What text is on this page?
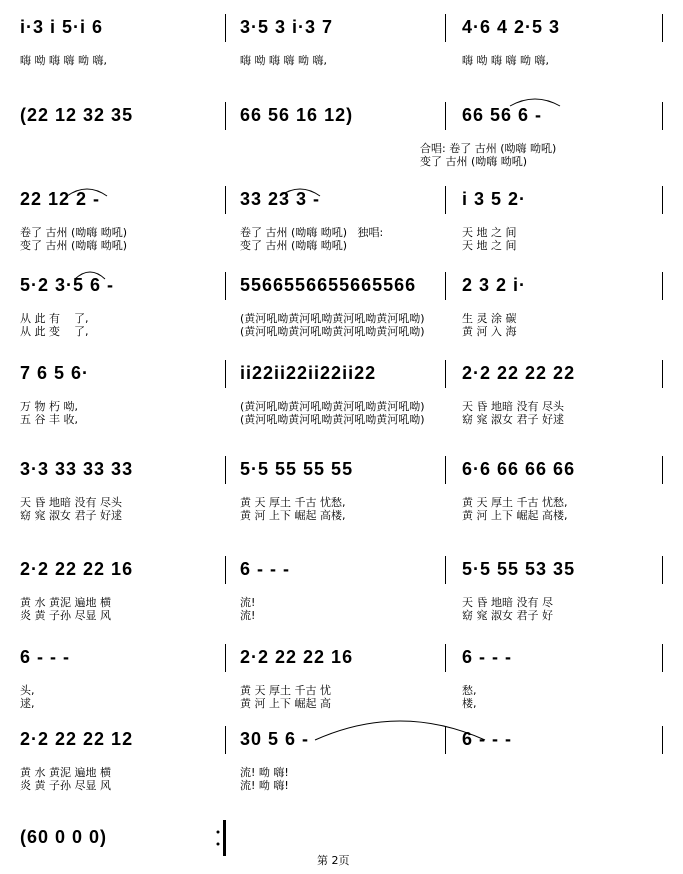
i·3 i 5·i 6	3·5 3 i·3 7	4·6 4 2·5 3
嗨 呦 嗨 嗨 呦 嗨,	嗨 呦 嗨 嗨 呦 嗨,	嗨 呦 嗨 嗨 呦 嗨,
(22 12 32 35	66 56 16 12)	66 56 6 -
合唱: 卷了 古州 (呦嗨 呦吼)
变了 古州 (呦嗨 呦吼)
22 12 2 -	33 23 3 -	i 3 5 2·
卷了 古州 (呦嗨 呦吼)	卷了 古州 (呦嗨 呦吼)   独唱:	天 地 之 间
变了 古州 (呦嗨 呦吼)	变了 古州 (呦嗨 呦吼)	天 地 之 间
5·2 3·5 6 -	5566556655665566	2 3 2 i·
从 此 有    了,	(黄河吼呦黄河吼呦黄河吼呦黄河吼呦)	生 灵 涂 碳
从 此 变    了,	(黄河吼呦黄河吼呦黄河吼呦黄河吼呦)	黄 河 入 海
7 6 5 6·	ii22ii22ii22ii22	2·2 22 22 22
万 物 朽 呦,	(黄河吼呦黄河吼呦黄河吼呦黄河吼呦)	天 昏 地暗 没有 尽头
五 谷 丰 收,	(黄河吼呦黄河吼呦黄河吼呦黄河吼呦)	窈 窕 淑女 君子 好逑
3·3 33 33 33	5·5 55 55 55	6·6 66 66 66
天 昏 地暗 没有 尽头	黄 天 厚土 千古 忧愁,	黄 天 厚土 千古 忧愁,
窈 窕 淑女 君子 好逑	黄 河 上下 崛起 高楼,	黄 河 上下 崛起 高楼,
2·2 22 22 16	6 - - -	5·5 55 53 35
黄 水 黄泥 遍地 横	流!	天 昏 地暗 没有 尽
炎 黄 子孙 尽显 风	流!	窈 窕 淑女 君子 好
6 - - -	2·2 22 22 16	6 - - -
头,	黄 天 厚土 千古 忧	愁,
逑,	黄 河 上下 崛起 高	楼,
2·2 22 22 12	30 5 6 -	6 - - -
黄 水 黄泥 遍地 横	流! 呦 嗨!
炎 黄 子孙 尽显 风	流! 呦 嗨!
(60 0 0 0)
第 2页
